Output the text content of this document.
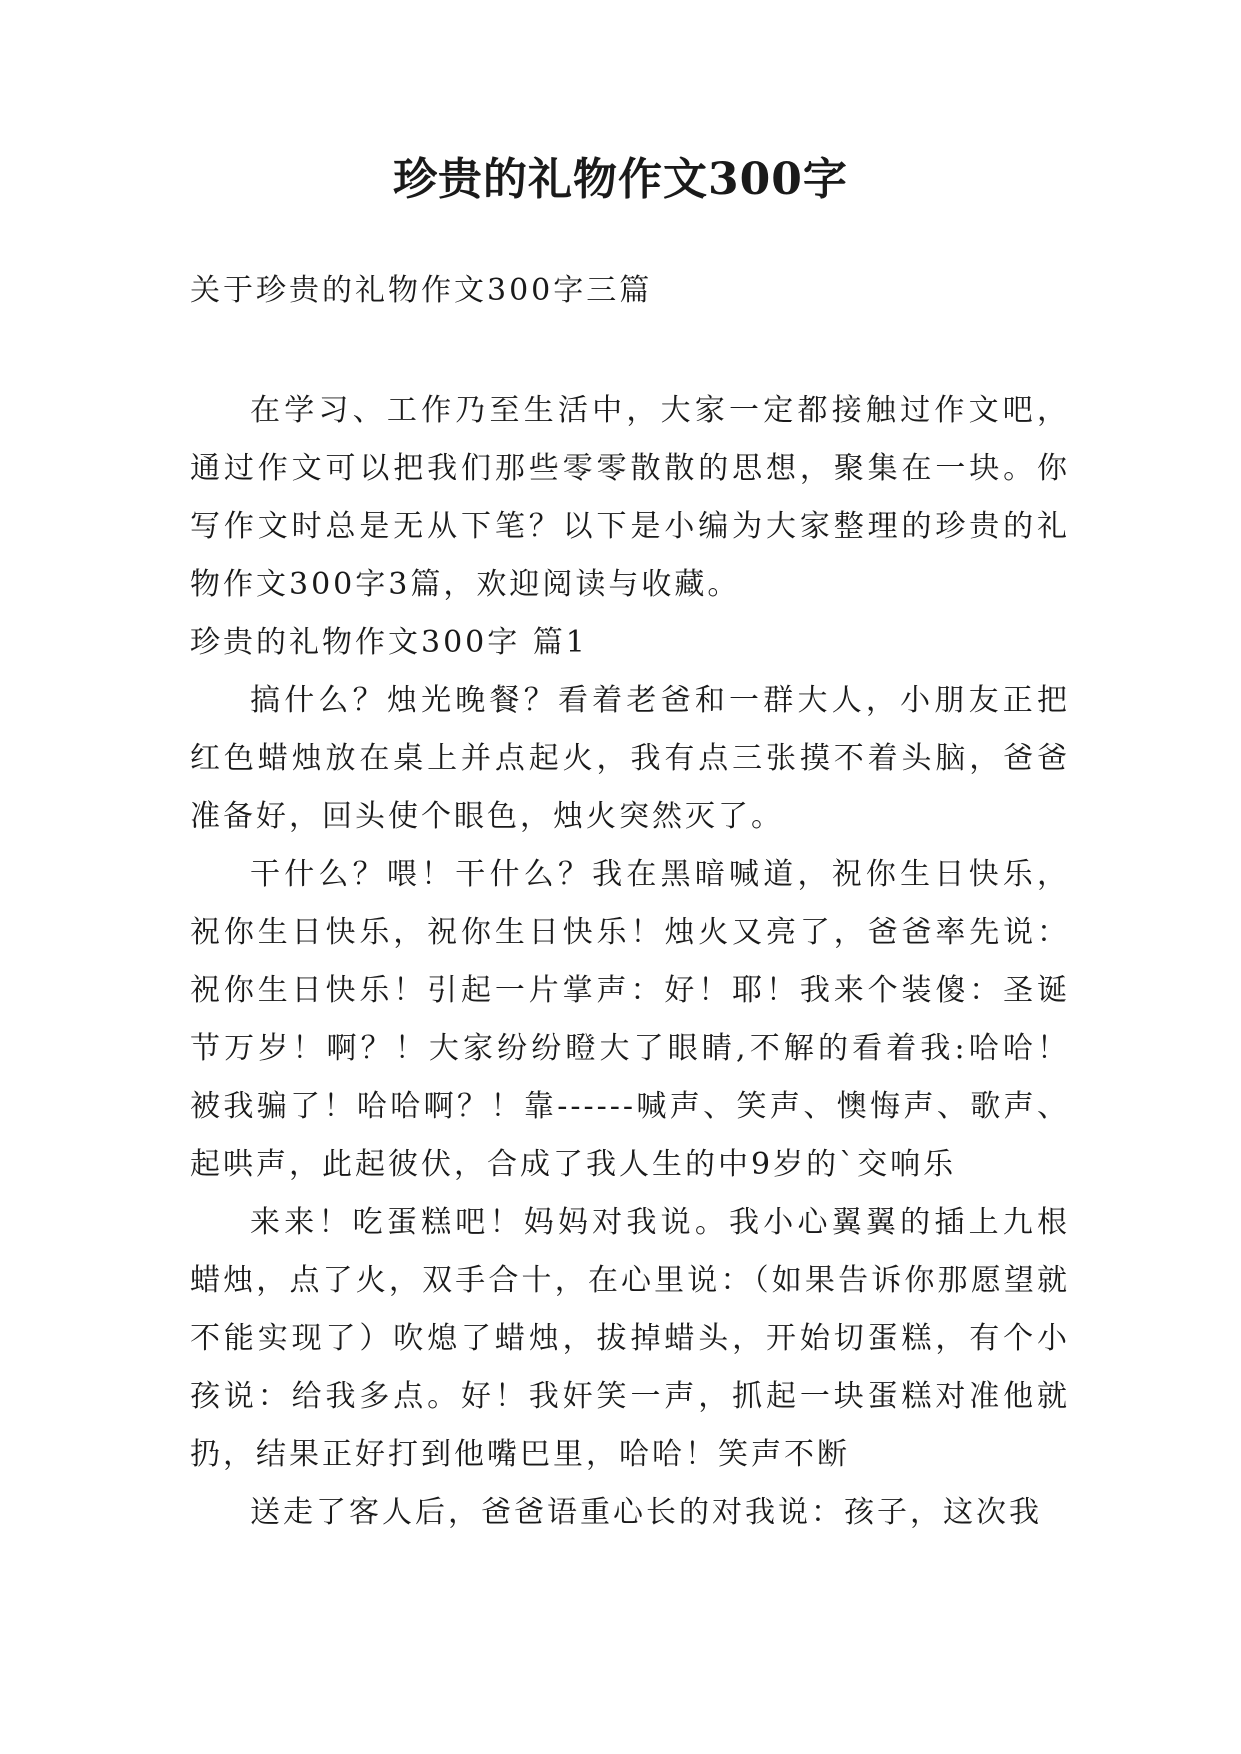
珍贵的礼物作文300字

关于珍贵的礼物作文300字三篇

在学习、工作乃至生活中，大家一定都接触过作文吧，通过作文可以把我们那些零零散散的思想，聚集在一块。你写作文时总是无从下笔？以下是小编为大家整理的珍贵的礼物作文300字3篇，欢迎阅读与收藏。

珍贵的礼物作文300字 篇1

搞什么？烛光晚餐？看着老爸和一群大人，小朋友正把红色蜡烛放在桌上并点起火，我有点三张摸不着头脑，爸爸准备好，回头使个眼色，烛火突然灭了。

干什么？喂！干什么？我在黑暗喊道，祝你生日快乐，祝你生日快乐，祝你生日快乐！烛火又亮了，爸爸率先说：祝你生日快乐！引起一片掌声：好！耶！我来个装傻：圣诞节万岁！啊？！大家纷纷瞪大了眼睛,不解的看着我:哈哈！被我骗了！哈哈啊？！靠------喊声、笑声、懊悔声、歌声、起哄声，此起彼伏，合成了我人生的中9岁的`交响乐

来来！吃蛋糕吧！妈妈对我说。我小心翼翼的插上九根蜡烛，点了火，双手合十，在心里说：（如果告诉你那愿望就不能实现了）吹熄了蜡烛，拔掉蜡头，开始切蛋糕，有个小孩说：给我多点。好！我奸笑一声，抓起一块蛋糕对准他就扔，结果正好打到他嘴巴里，哈哈！笑声不断

送走了客人后，爸爸语重心长的对我说：孩子，这次我
